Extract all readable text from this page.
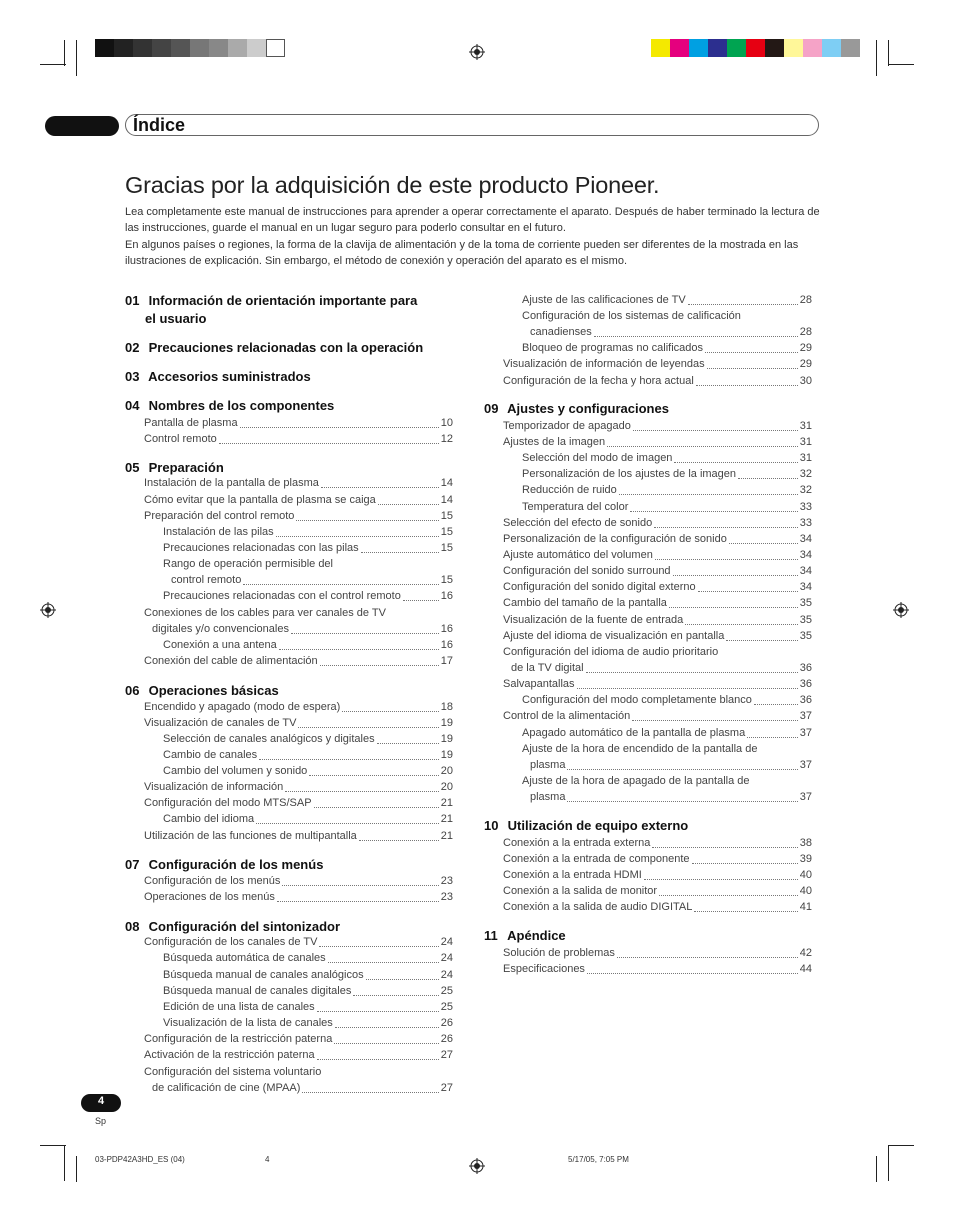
Índice
Gracias por la adquisición de este producto Pioneer.

Lea completamente este manual de instrucciones para aprender a operar correctamente el aparato. Después de haber terminado la lectura de las instrucciones, guarde el manual en un lugar seguro para poderlo consultar en el futuro.

En algunos países o regiones, la forma de la clavija de alimentación y de la toma de corriente pueden ser diferentes de la mostrada en las ilustraciones de explicación. Sin embargo, el método de conexión y operación del aparato es el mismo.

01 Información de orientación importante para
el usuario
02 Precauciones relacionadas con la operación
03 Accesorios suministrados
04 Nombres de los componentes
Pantalla de plasma	10
Control remoto	12
05 Preparación
Instalación de la pantalla de plasma	14
Cómo evitar que la pantalla de plasma se caiga	14
Preparación del control remoto	15
Instalación de las pilas	15
Precauciones relacionadas con las pilas	15
Rango de operación permisible del
control remoto	15
Precauciones relacionadas con el control remoto	16
Conexiones de los cables para ver canales de TV
digitales y/o convencionales	16
Conexión a una antena	16
Conexión del cable de alimentación	17
06 Operaciones básicas
Encendido y apagado (modo de espera)	18
Visualización de canales de TV	19
Selección de canales analógicos y digitales	19
Cambio de canales	19
Cambio del volumen y sonido	20
Visualización de información	20
Configuración del modo MTS/SAP	21
Cambio del idioma	21
Utilización de las funciones de multipantalla	21
07 Configuración de los menús
Configuración de los menús	23
Operaciones de los menús	23
08 Configuración del sintonizador
Configuración de los canales de TV	24
Búsqueda automática de canales	24
Búsqueda manual de canales analógicos	24
Búsqueda manual de canales digitales	25
Edición de una lista de canales	25
Visualización de la lista de canales	26
Configuración de la restricción paterna	26
Activación de la restricción paterna	27
Configuración del sistema voluntario
de calificación de cine (MPAA)	27
Ajuste de las calificaciones de TV	28
Configuración de los sistemas de calificación
canadienses	28
Bloqueo de programas no calificados	29
Visualización de información de leyendas	29
Configuración de la fecha y hora actual	30
09 Ajustes y configuraciones
Temporizador de apagado	31
Ajustes de la imagen	31
Selección del modo de imagen	31
Personalización de los ajustes de la imagen	32
Reducción de ruido	32
Temperatura del color	33
Selección del efecto de sonido	33
Personalización de la configuración de sonido	34
Ajuste automático del volumen	34
Configuración del sonido surround	34
Configuración del sonido digital externo	34
Cambio del tamaño de la pantalla	35
Visualización de la fuente de entrada	35
Ajuste del idioma de visualización en pantalla	35
Configuración del idioma de audio prioritario
de la TV digital	36
Salvapantallas	36
Configuración del modo completamente blanco	36
Control de la alimentación	37
Apagado automático de la pantalla de plasma	37
Ajuste de la hora de encendido de la pantalla de
plasma	37
Ajuste de la hora de apagado de la pantalla de
plasma	37
10 Utilización de equipo externo
Conexión a la entrada externa	38
Conexión a la entrada de componente	39
Conexión a la entrada HDMI	40
Conexión a la salida de monitor	40
Conexión a la salida de audio DIGITAL	41
11 Apéndice
Solución de problemas	42
Especificaciones	44
4
Sp
03-PDP42A3HD_ES (04)	4	5/17/05, 7:05 PM
